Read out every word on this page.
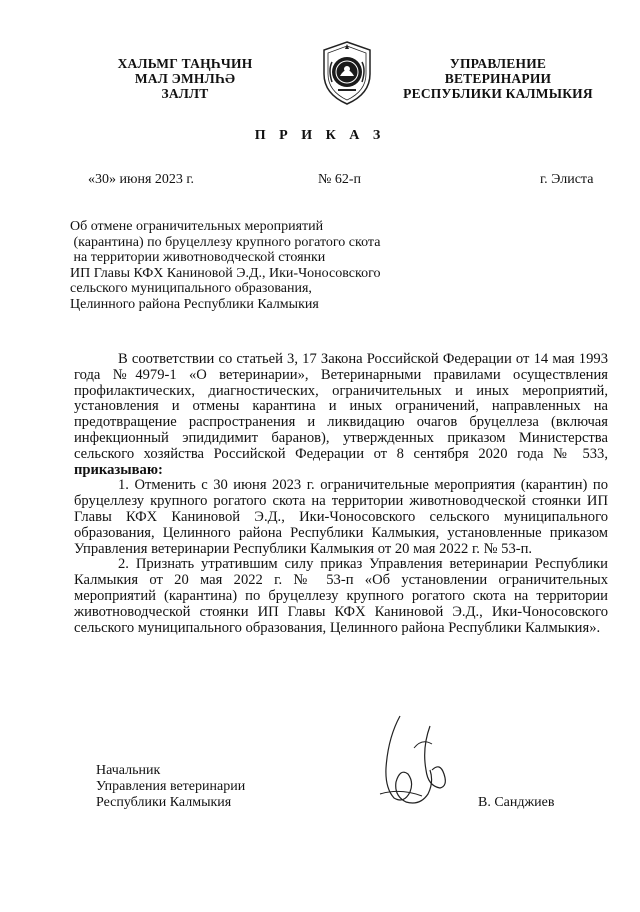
ХАЛЬМГ ТАҢҺЧИН
МАЛ ЭМНЛҺӘ
ЗАЛЛТ
УПРАВЛЕНИЕ
ВЕТЕРИНАРИИ
РЕСПУБЛИКИ КАЛМЫКИЯ
П Р И К А З
«30» июня 2023 г.	№ 62-п	г. Элиста
Об отмене ограничительных мероприятий
(карантина) по бруцеллезу крупного рогатого скота
на территории животноводческой стоянки
ИП Главы КФХ Каниновой Э.Д., Ики-Чоносовского
сельского муниципального образования,
Целинного района Республики Калмыкия

В соответствии со статьей 3, 17 Закона Российской Федерации от 14 мая 1993 года №4979-1 «О ветеринарии», Ветеринарными правилами осуществления профилактических, диагностических, ограничительных и иных мероприятий, установления и отмены карантина и иных ограничений, направленных на предотвращение распространения и ликвидацию очагов бруцеллеза (включая инфекционный эпидидимит баранов), утвержденных приказом Министерства сельского хозяйства Российской Федерации от 8 сентября 2020 года № 533, приказываю:

1. Отменить с 30 июня 2023 г. ограничительные мероприятия (карантин) по бруцеллезу крупного рогатого скота на территории животноводческой стоянки ИП Главы КФХ Каниновой Э.Д., Ики-Чоносовского сельского муниципального образования, Целинного района Республики Калмыкия, установленные приказом Управления ветеринарии Республики Калмыкия от 20 мая 2022 г. № 53-п.

2. Признать утратившим силу приказ Управления ветеринарии Республики Калмыкия от 20 мая 2022 г. № 53-п «Об установлении ограничительных мероприятий (карантина) по бруцеллезу крупного рогатого скота на территории животноводческой стоянки ИП Главы КФХ Каниновой Э.Д., Ики-Чоносовского сельского муниципального образования, Целинного района Республики Калмыкия».

Начальник
Управления ветеринарии
Республики Калмыкия	В. Санджиев
